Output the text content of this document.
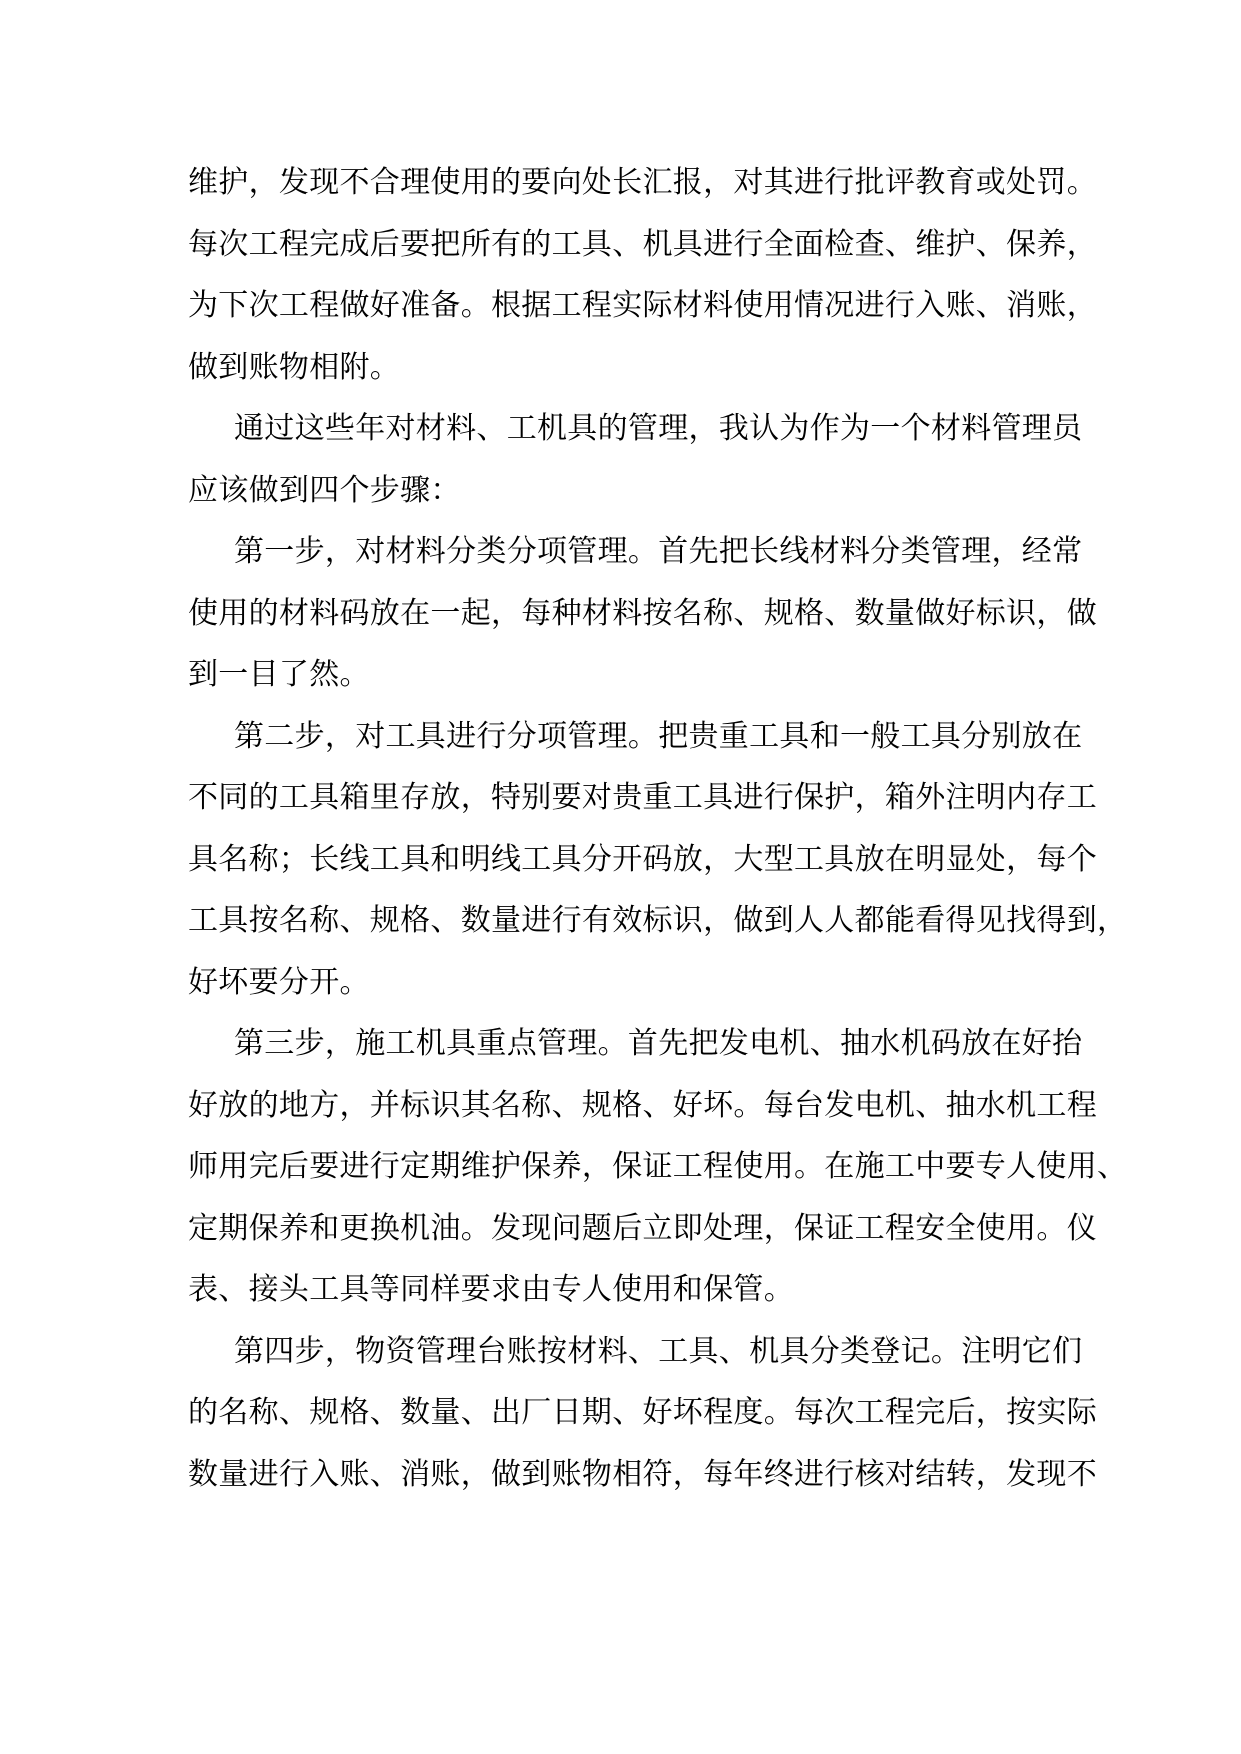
维护，发现不合理使用的要向处长汇报，对其进行批评教育或处罚。
每次工程完成后要把所有的工具、机具进行全面检查、维护、保养，
为下次工程做好准备。根据工程实际材料使用情况进行入账、消账，
做到账物相附。

通过这些年对材料、工机具的管理，我认为作为一个材料管理员
应该做到四个步骤：

第一步，对材料分类分项管理。首先把长线材料分类管理，经常
使用的材料码放在一起，每种材料按名称、规格、数量做好标识，做
到一目了然。

第二步，对工具进行分项管理。把贵重工具和一般工具分别放在
不同的工具箱里存放，特别要对贵重工具进行保护，箱外注明内存工
具名称；长线工具和明线工具分开码放，大型工具放在明显处，每个
工具按名称、规格、数量进行有效标识，做到人人都能看得见找得到，
好坏要分开。

第三步，施工机具重点管理。首先把发电机、抽水机码放在好抬
好放的地方，并标识其名称、规格、好坏。每台发电机、抽水机工程
师用完后要进行定期维护保养，保证工程使用。在施工中要专人使用、
定期保养和更换机油。发现问题后立即处理，保证工程安全使用。仪
表、接头工具等同样要求由专人使用和保管。

第四步，物资管理台账按材料、工具、机具分类登记。注明它们
的名称、规格、数量、出厂日期、好坏程度。每次工程完后，按实际
数量进行入账、消账，做到账物相符，每年终进行核对结转，发现不
